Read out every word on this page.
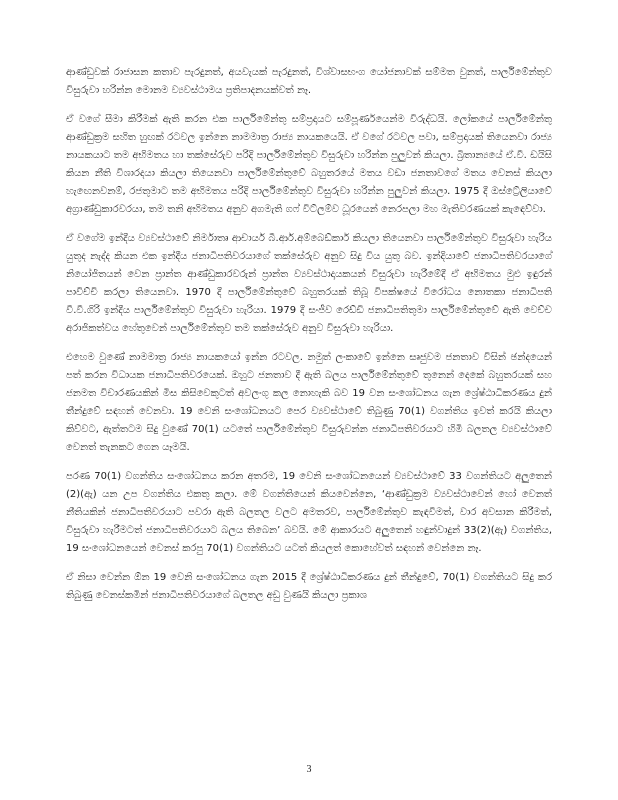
ආණ්ඩුවක් රාජාසන කතාව පැරදුනත්, අයවැයක් පැරදුනත්, විශ්වාසභංග යෝජනාවක් සම්මත වුනත්, පාර්ලිමේන්තුව විසුරුවා හරින්න මොනම ව්‍යවස්ථාමය ප්‍රතිපාදනයක්වත් නෑ.

ඒ වගේ සීමා කිරීමක් ඇති කරන එක පාර්ලිමේන්තු සම්ප්‍රදායට සම්පූර්ණයෙන්ම විරුද්ධයි. ලෝකයේ පාර්ලිමේන්තු ආණ්ඩුක්‍රම සහිත හුඟක් රටවල ඉන්නෙ නාමමාත්‍ර රාජ්‍ය නායකයෙයි. ඒ වගේ රටවල පවා, සම්ප්‍රදායක් තියෙනවා රාජ්‍ය නායකයාට තම අභිමතය හා තක්සේරුව පරිදි පාර්ලිමේන්තුව විසුරුවා හරින්න පුලුවන් කියලා. බ්‍රිතාන්‍යයේ ඒ.වී. ඩයිසි කියන නීති විශාරදයා කියලා තියෙනවා පාර්ලිමේන්තුවේ බහුතරයේ මතය වඩා ජනතාවගේ මතය වෙනස් කියලා හැඟෙනවනම්, රජතුමාට තම අභිමතය පරිදි පාර්ලිමේන්තුව විසුරුවා හරින්න පුලුවන් කියලා. 1975 දී ඔස්ට්‍රේලියාවේ අග්‍රාණ්ඩුකාරවරයා, තම තනි අභිමතය අනුව අගමැති ගෆ් විට්ලම්ව ධූරයෙන් නෙරපලා මහ මැතිවරණයක් කැඳෙව්වා.

ඒ වගේම ඉන්දීය ව්‍යවස්ථාවේ නිර්මාතෘ ආචාර්ය බී.ආර්.අම්බෙඩ්කාර් කියලා තියෙනවා පාර්ලිමේන්තුව විසුරුවා හැරිය යුතුද නැද්ද කියන එක ඉන්දීය ජනාධිපතිවරයාගේ තක්සේරුව අනුව සිදු විය යුතු බව. ඉන්දියාවේ ජනාධිපතිවරයාගේ නියෝජිතයන් වෙන ප්‍රාන්ත ආණ්ඩුකාරවරුන් ප්‍රාන්ත ව්‍යවස්ථාදායකයන් විසුරුවා හැරීමේදී ඒ අභිමතය මුළු ඉඳුරන් පාවිච්චි කරලා තියෙනවා. 1970 දී පාර්ලිමේන්තුවේ බහුතරයක් තිබූ විපක්ෂයේ විරෝධය නොතකා ජනාධිපති වී.වී.ගිරි ඉන්දීය පාර්ලිමේන්තුව විසුරුවා හැරියා. 1979 දී සංජීව රෙඩ්ඩි ජනාධිපතිතුමා පාර්ලිමේන්තුවේ ඇති වෙච්ච අරාජිකත්වය හේතුවෙන් පාර්ලිමේන්තුව තම තක්සේරුව අනුව විසුරුවා හැරියා.

එහෙම වුණේ නාමමාත්‍ර රාජ්‍ය නායකයෝ ඉන්න රටවල. නමුත් ලංකාවේ ඉන්නෙ සෘජුවම ජනතාව විසින් ඡන්දයෙන් පත් කරන විධායක ජනාධිපතිවරයෙක්. ඔහුට ජනතාව දී ඇති බලය පාර්ලිමේන්තුවේ තුනෙන් දෙකේ බහුතරයක් සහ ජනමත විචාරණයකින් මිස කිසිවෙකුටත් අවලංගු කල නොහැකි බව 19 වන සංශෝධනය ගැන ශ්‍රේෂ්ඨාධිකරණය දුන් තීන්දුවේ සඳහන් වෙනවා. 19 වෙනි සංශෝධනයට පෙර ව්‍යවස්ථාවේ තිබුණු 70(1) වගන්තිය ඉවත් කරයි කියලා කිව්වට, ඇත්තටම සිදු වුණේ 70(1) යටතේ පාර්ලිමේන්තුව විසුරුවන්න ජනාධිපතිවරයාට හිමි බලතල ව්‍යවස්ථාවේ වෙනත් තැනකට ගෙන යෑමයි.

පරණ 70(1) වගන්තිය සංශෝධනය කරන අතරම, 19 වෙනි සංශෝධනයෙන් ව්‍යවස්ථාවේ 33 වගන්තියට අලුතෙන් (2)(ඇ) යන උප වගන්තිය එකතු කලා. මේ වගන්තියෙන් කියවෙන්නෙ, ‘ආණ්ඩුක්‍රම ව්‍යවස්ථාවෙන් හෝ වෙනත් නීතියකින් ජනාධිපතිවරයාට පවරා ඇති බලතල වලට අමතරව, පාර්ලිමේන්තුව කැඳවීමත්, වාර අවසාන කිරීමත්, විසුරුවා හැරීමටත් ජනාධිපතිවරයාට බලය තිබෙන’ බවයි. මේ ආකාරයට අලුතෙන් හඳුන්වාදුන් 33(2)(ඇ) වගන්තිය, 19 සංශෝධනයෙන් වෙනස් කරපු 70(1) වගන්තියට යටත් කියලත් කොහේවත් සඳහන් වෙන්නෙ නෑ.

ඒ නිසා වෙන්න ඕන 19 වෙනි සංශෝධනය ගැන 2015 දී ශ්‍රේෂ්ඨාධිකරණය දුන් තීන්දුවේ, 70(1) වගන්තියට සිදු කර තිබුණු වෙනස්කමින් ජනාධිපතිවරයාගේ බලතල අඩු වුණයි කියලා ප්‍රකාශ

3
